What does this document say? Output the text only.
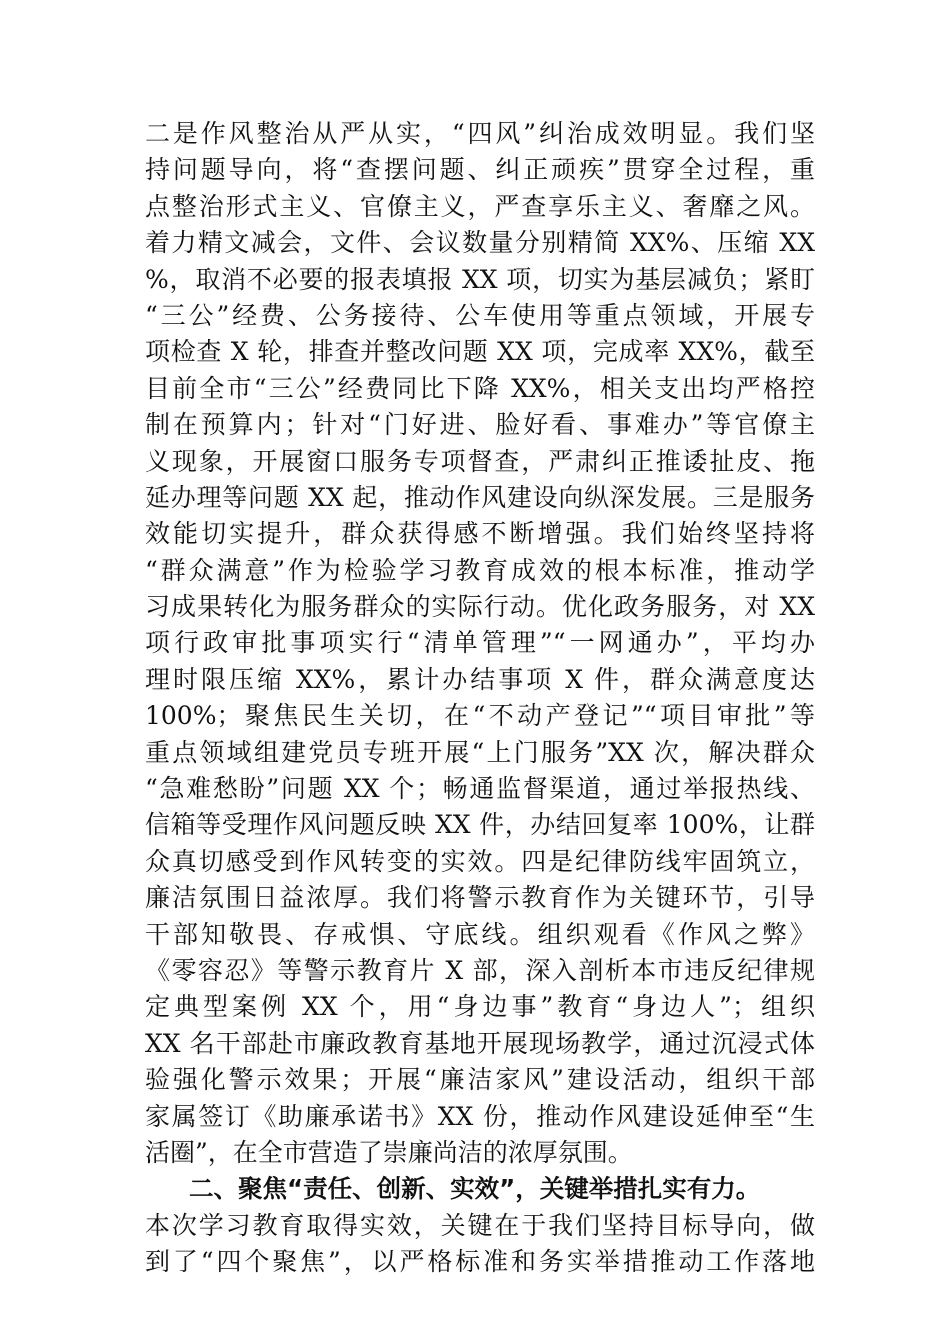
二是作风整治从严从实，“四风”纠治成效明显。我们坚
持问题导向，将“查摆问题、纠正顽疾”贯穿全过程，重
点整治形式主义、官僚主义，严查享乐主义、奢靡之风。
着力精文减会，文件、会议数量分别精简 XX%、压缩 XX
%，取消不必要的报表填报 XX 项，切实为基层减负；紧盯
“三公”经费、公务接待、公车使用等重点领域，开展专
项检查 X 轮，排查并整改问题 XX 项，完成率 XX%，截至
目前全市“三公”经费同比下降 XX%，相关支出均严格控
制在预算内；针对“门好进、脸好看、事难办”等官僚主
义现象，开展窗口服务专项督查，严肃纠正推诿扯皮、拖
延办理等问题 XX 起，推动作风建设向纵深发展。三是服务
效能切实提升，群众获得感不断增强。我们始终坚持将
“群众满意”作为检验学习教育成效的根本标准，推动学
习成果转化为服务群众的实际行动。优化政务服务，对 XX
项行政审批事项实行“清单管理”“一网通办”，平均办
理时限压缩 XX%，累计办结事项 X 件，群众满意度达
100%；聚焦民生关切，在“不动产登记”“项目审批”等
重点领域组建党员专班开展“上门服务”XX 次，解决群众
“急难愁盼”问题 XX 个；畅通监督渠道，通过举报热线、
信箱等受理作风问题反映 XX 件，办结回复率 100%，让群
众真切感受到作风转变的实效。四是纪律防线牢固筑立，
廉洁氛围日益浓厚。我们将警示教育作为关键环节，引导
干部知敬畏、存戒惧、守底线。组织观看《作风之弊》
《零容忍》等警示教育片 X 部，深入剖析本市违反纪律规
定典型案例 XX 个，用“身边事”教育“身边人”；组织
XX 名干部赴市廉政教育基地开展现场教学，通过沉浸式体
验强化警示效果；开展“廉洁家风”建设活动，组织干部
家属签订《助廉承诺书》XX 份，推动作风建设延伸至“生
活圈”，在全市营造了崇廉尚洁的浓厚氛围。
二、聚焦“责任、创新、实效”，关键举措扎实有力。
本次学习教育取得实效，关键在于我们坚持目标导向，做
到了“四个聚焦”，以严格标准和务实举措推动工作落地
